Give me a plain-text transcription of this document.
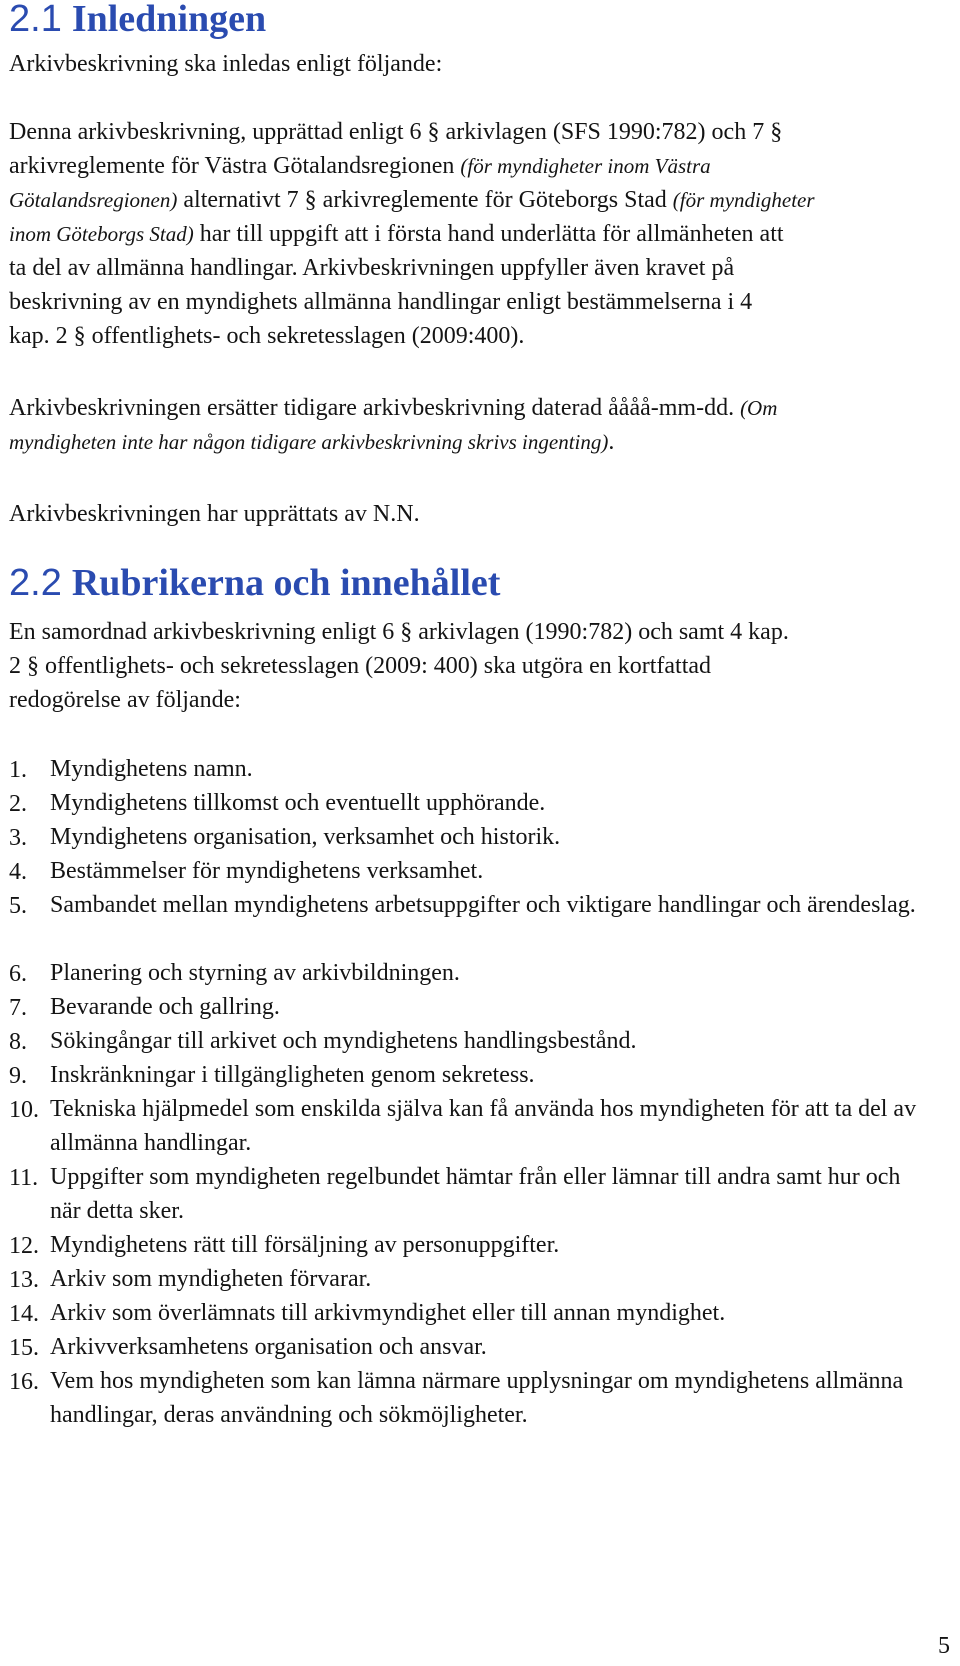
2.1 Inledningen
Arkivbeskrivning ska inledas enligt följande:
Denna arkivbeskrivning, upprättad enligt 6 § arkivlagen (SFS 1990:782) och 7 §
arkivreglemente för Västra Götalandsregionen (för myndigheter inom Västra
Götalandsregionen) alternativt 7 § arkivreglemente för Göteborgs Stad (för myndigheter
inom Göteborgs Stad) har till uppgift att i första hand underlätta för allmänheten att
ta del av allmänna handlingar. Arkivbeskrivningen uppfyller även kravet på
beskrivning av en myndighets allmänna handlingar enligt bestämmelserna i 4
kap. 2 § offentlighets- och sekretesslagen (2009:400).
Arkivbeskrivningen ersätter tidigare arkivbeskrivning daterad åååå-mm-dd. (Om
myndigheten inte har någon tidigare arkivbeskrivning skrivs ingenting).
Arkivbeskrivningen har upprättats av N.N.
2.2 Rubrikerna och innehållet
En samordnad arkivbeskrivning enligt 6 § arkivlagen (1990:782) och samt 4 kap.
2 § offentlighets- och sekretesslagen (2009: 400) ska utgöra en kortfattad
redogörelse av följande:
1. Myndighetens namn.
2. Myndighetens tillkomst och eventuellt upphörande.
3. Myndighetens organisation, verksamhet och historik.
4. Bestämmelser för myndighetens verksamhet.
5. Sambandet mellan myndighetens arbetsuppgifter och viktigare handlingar och ärendeslag.
6. Planering och styrning av arkivbildningen.
7. Bevarande och gallring.
8. Sökingångar till arkivet och myndighetens handlingsbestånd.
9. Inskränkningar i tillgängligheten genom sekretess.
10. Tekniska hjälpmedel som enskilda själva kan få använda hos myndigheten för att ta del av allmänna handlingar.
11. Uppgifter som myndigheten regelbundet hämtar från eller lämnar till andra samt hur och när detta sker.
12. Myndighetens rätt till försäljning av personuppgifter.
13. Arkiv som myndigheten förvarar.
14. Arkiv som överlämnats till arkivmyndighet eller till annan myndighet.
15. Arkivverksamhetens organisation och ansvar.
16. Vem hos myndigheten som kan lämna närmare upplysningar om myndighetens allmänna handlingar, deras användning och sökmöjligheter.
5
